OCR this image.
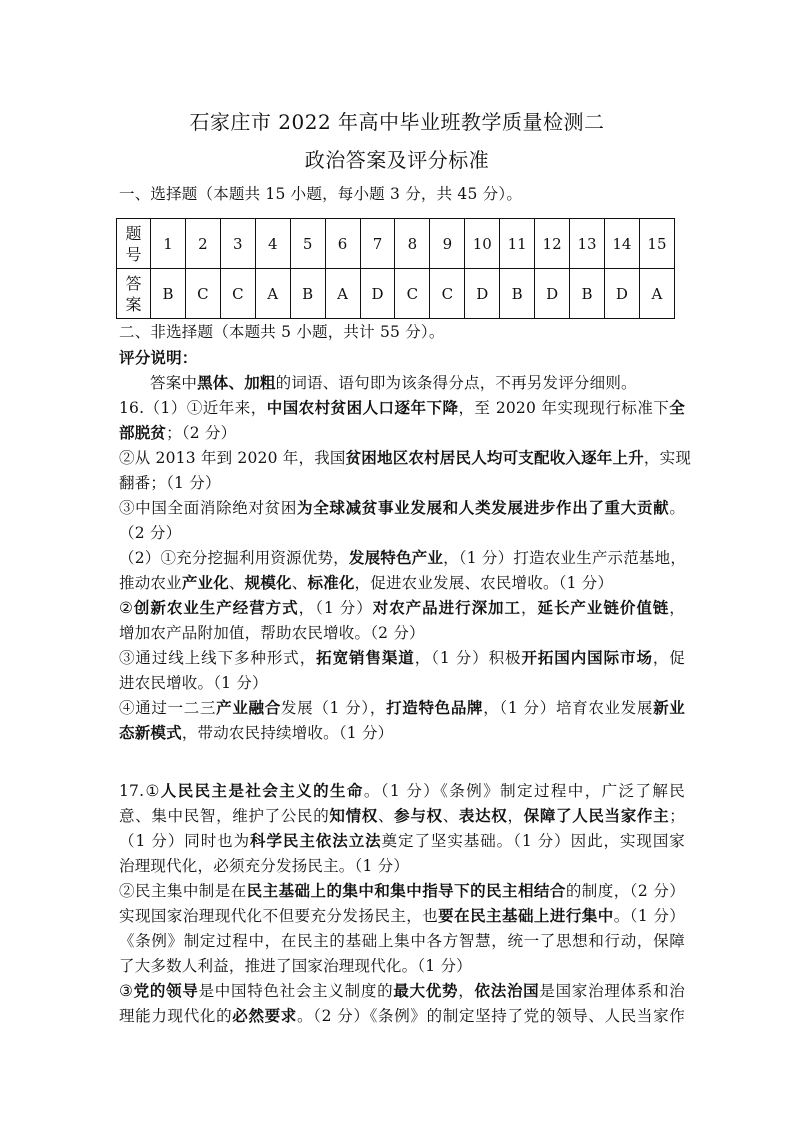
石家庄市 2022 年高中毕业班教学质量检测二
政治答案及评分标准
一、选择题（本题共 15 小题，每小题 3 分，共 45 分）。
题号	1	2	3	4	5	6	7	8	9	10	11	12	13	14	15
答案	B	C	C	A	B	A	D	C	C	D	B	D	B	D	A
二、非选择题（本题共 5 小题，共计 55 分）。
评分说明：
答案中黑体、加粗的词语、语句即为该条得分点，不再另发评分细则。
16.（1）①近年来，中国农村贫困人口逐年下降，至 2020 年实现现行标准下全
部脱贫；（2 分）
②从 2013 年到 2020 年，我国贫困地区农村居民人均可支配收入逐年上升，实现
翻番；（1 分）
③中国全面消除绝对贫困为全球减贫事业发展和人类发展进步作出了重大贡献。
（2 分）
（2）①充分挖掘利用资源优势，发展特色产业，（1 分）打造农业生产示范基地，
推动农业产业化、规模化、标准化，促进农业发展、农民增收。（1 分）
②创新农业生产经营方式，（1 分）对农产品进行深加工，延长产业链价值链，
增加农产品附加值，帮助农民增收。（2 分）
③通过线上线下多种形式，拓宽销售渠道，（1 分）积极开拓国内国际市场，促
进农民增收。（1 分）
④通过一二三产业融合发展（1 分），打造特色品牌，（1 分）培育农业发展新业
态新模式，带动农民持续增收。（1 分）
17.①人民民主是社会主义的生命。（1 分）《条例》制定过程中，广泛了解民
意、集中民智，维护了公民的知情权、参与权、表达权，保障了人民当家作主；
（1 分）同时也为科学民主依法立法奠定了坚实基础。（1 分）因此，实现国家
治理现代化，必须充分发扬民主。（1 分）
②民主集中制是在民主基础上的集中和集中指导下的民主相结合的制度，（2 分）
实现国家治理现代化不但要充分发扬民主，也要在民主基础上进行集中。（1 分）
《条例》制定过程中，在民主的基础上集中各方智慧，统一了思想和行动，保障
了大多数人利益，推进了国家治理现代化。（1 分）
③党的领导是中国特色社会主义制度的最大优势，依法治国是国家治理体系和治
理能力现代化的必然要求。（2 分）《条例》的制定坚持了党的领导、人民当家作
